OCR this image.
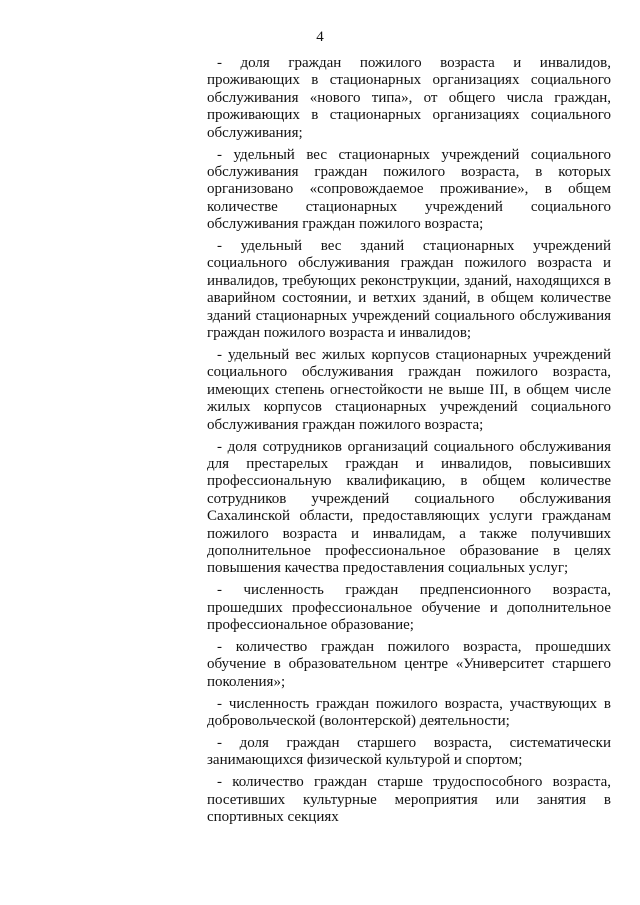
4

- доля граждан пожилого возраста и инвалидов, проживающих в стационарных организациях социального обслуживания «нового типа», от общего числа граждан, проживающих в стационарных организациях социального обслуживания;

- удельный вес стационарных учреждений социального обслуживания граждан пожилого возраста, в которых организовано «сопровождаемое проживание», в общем количестве стационарных учреждений социального обслуживания граждан пожилого возраста;

- удельный вес зданий стационарных учреждений социального обслуживания граждан пожилого возраста и инвалидов, требующих реконструкции, зданий, находящихся в аварийном состоянии, и ветхих зданий, в общем количестве зданий стационарных учреждений социального обслуживания граждан пожилого возраста и инвалидов;

- удельный вес жилых корпусов стационарных учреждений социального обслуживания граждан пожилого возраста, имеющих степень огнестойкости не выше III, в общем числе жилых корпусов стационарных учреждений социального обслуживания граждан пожилого возраста;

- доля сотрудников организаций социального обслуживания для престарелых граждан и инвалидов, повысивших профессиональную квалификацию, в общем количестве сотрудников учреждений социального обслуживания Сахалинской области, предоставляющих услуги гражданам пожилого возраста и инвалидам, а также получивших дополнительное профессиональное образование в целях повышения качества предоставления социальных услуг;

- численность граждан предпенсионного возраста, прошедших профессиональное обучение и дополнительное профессиональное образование;

- количество граждан пожилого возраста, прошедших обучение в образовательном центре «Университет старшего поколения»;

- численность граждан пожилого возраста, участвующих в добровольческой (волонтерской) деятельности;

- доля граждан старшего возраста, систематически занимающихся физической культурой и спортом;

- количество граждан старше трудоспособного возраста, посетивших культурные мероприятия или занятия в спортивных секциях
